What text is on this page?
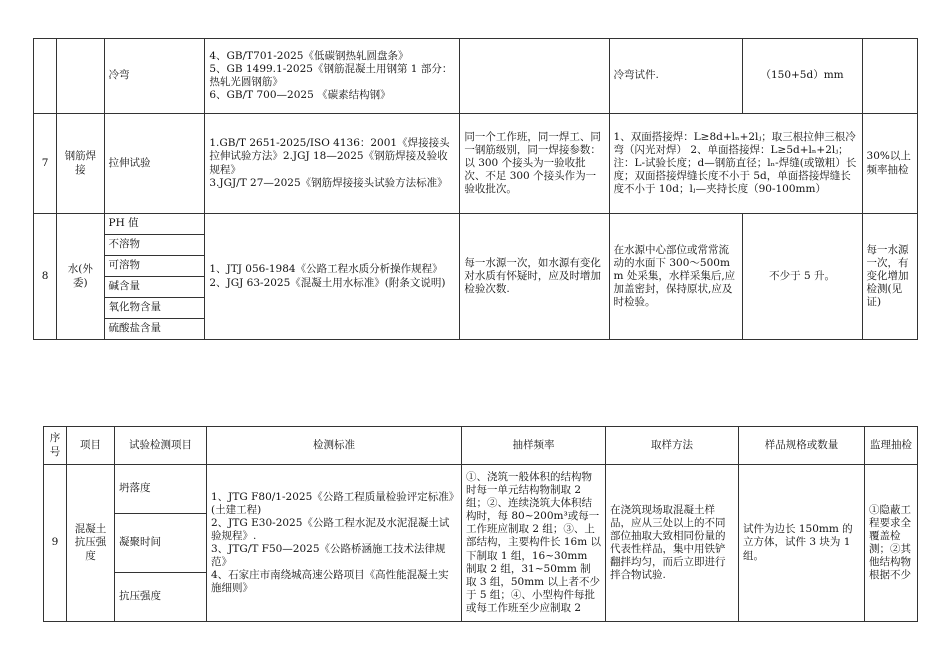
		冷弯	4、GB/T701-2025《低碳钢热轧圆盘条》
5、GB 1499.1-2025《钢筋混凝土用钢第 1 部分：热轧光圆钢筋》
6、GB/T 700—2025 《碳素结构钢》		冷弯试件.	（150+5d）mm	
7	钢筋焊接	拉伸试验	1.GB/T 2651-2025/ISO 4136：2001《焊接接头拉伸试验方法》2.JGJ 18—2025《钢筋焊接及验收规程》
3.JGJ/T 27—2025《钢筋焊接接头试验方法标准》	同一个工作班，同一焊工、同一钢筋级别，同一焊接参数：以 300 个接头为一验收批次、不足 300 个接头作为一验收批次。	1、双面搭接焊：L≥8d+lₙ+2lⱼ；取三根拉伸三根冷弯（闪光对焊） 2、单面搭接焊：L≥5d+lₙ+2lⱼ；注：L-试验长度；d—钢筋直径；lₙ-焊缝(或镦粗）长度；双面搭接焊缝长度不小于 5d，单面搭接焊缝长度不小于 10d；lⱼ—夹持长度（90-100mm）		30%以上频率抽检
8	水(外委)	PH 值	1、JTJ 056-1984《公路工程水质分析操作规程》
2、JGJ 63-2025《混凝土用水标准》(附条文说明)	每一水源一次，如水源有变化对水质有怀疑时，应及时增加检验次数.	在水源中心部位或常常流动的水面下 300～500mm 处采集，水样采集后,应加盖密封，保持原状,应及时检验。	不少于 5 升。	每一水源一次，有变化增加检测(见证)
		不溶物					
		可溶物					
		碱含量					
		氧化物含量					
		硫酸盐含量					
序号	项目	试验检测项目	检测标准	抽样频率	取样方法	样品规格或数量	监理抽检
9	混凝土抗压强度	坍落度	1、JTG F80/1-2025《公路工程质量检验评定标准》(土建工程)
2、JTG E30-2025《公路工程水泥及水泥混凝土试验规程》.
3、JTG/T F50—2025《公路桥涵施工技术法律规范》
4、石家庄市南绕城高速公路项目《高性能混凝土实施细则》	①、浇筑一般体积的结构物时每一单元结构物制取 2 组；②、连续浇筑大体积结构时，每 80~200m³或每一工作班应制取 2 组；③、上部结构，主要构件长 16m 以下制取 1 组，16~30mm 制取 2 组，31~50mm 制取 3 组，50mm 以上者不少于 5 组；④、小型构件每批或每工作班至少应制取 2	在浇筑现场取混凝土样品，应从三处以上的不同部位抽取大致相同份量的代表性样品，集中用铁铲翻拌均匀，而后立即进行拌合物试验.	试件为边长 150mm 的立方体，试件 3 块为 1 组。	①隐蔽工程要求全覆盖检测；②其他结构物根据不少
		凝聚时间					
		抗压强度					
